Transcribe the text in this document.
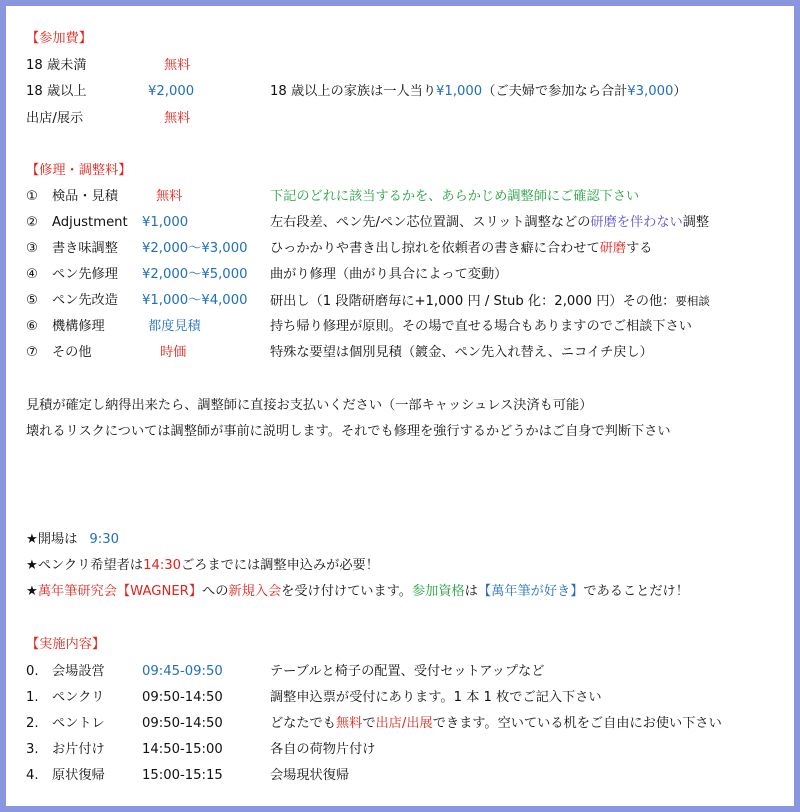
【参加費】
18 歳未満	無料
18 歳以上	¥2,000	18 歳以上の家族は一人当り¥1,000（ご夫婦で参加なら合計¥3,000）
出店/展示	無料
【修理・調整料】
① 検品・見積	無料	下記のどれに該当するかを、あらかじめ調整師にご確認下さい
② Adjustment ¥1,000	左右段差、ペン先/ペン芯位置調、スリット調整などの研磨を伴わない調整
③ 書き味調整 ¥2,000～¥3,000 ひっかかりや書き出し掠れを依頼者の書き癖に合わせて研磨する
④ ペン先修理 ¥2,000～¥5,000 曲がり修理（曲がり具合によって変動）
⑤ ペン先改造 ¥1,000～¥4,000 研出し（1 段階研磨毎に+1,000 円 / Stub 化：2,000 円）その他：要相談
⑥ 機構修理	都度見積	持ち帰り修理が原則。その場で直せる場合もありますのでご相談下さい
⑦ その他	時価	特殊な要望は個別見積（鍍金、ペン先入れ替え、ニコイチ戻し）
見積が確定し納得出来たら、調整師に直接お支払いください（一部キャッシュレス決済も可能）
壊れるリスクについては調整師が事前に説明します。それでも修理を強行するかどうかはご自身で判断下さい
★開場は 9:30
★ペンクリ希望者は14:30ごろまでには調整申込みが必要！
★萬年筆研究会【WAGNER】への新規入会を受け付けています。参加資格は【萬年筆が好き】であることだけ！
【実施内容】
0. 会場設営	09:45-09:50	テーブルと椅子の配置、受付セットアップなど
1. ペンクリ	09:50-14:50	調整申込票が受付にあります。1 本 1 枚でご記入下さい
2. ペントレ	09:50-14:50	どなたでも無料で出店/出展できます。空いている机をご自由にお使い下さい
3. お片付け	14:50-15:00	各自の荷物片付け
4. 原状復帰	15:00-15:15	会場現状復帰
